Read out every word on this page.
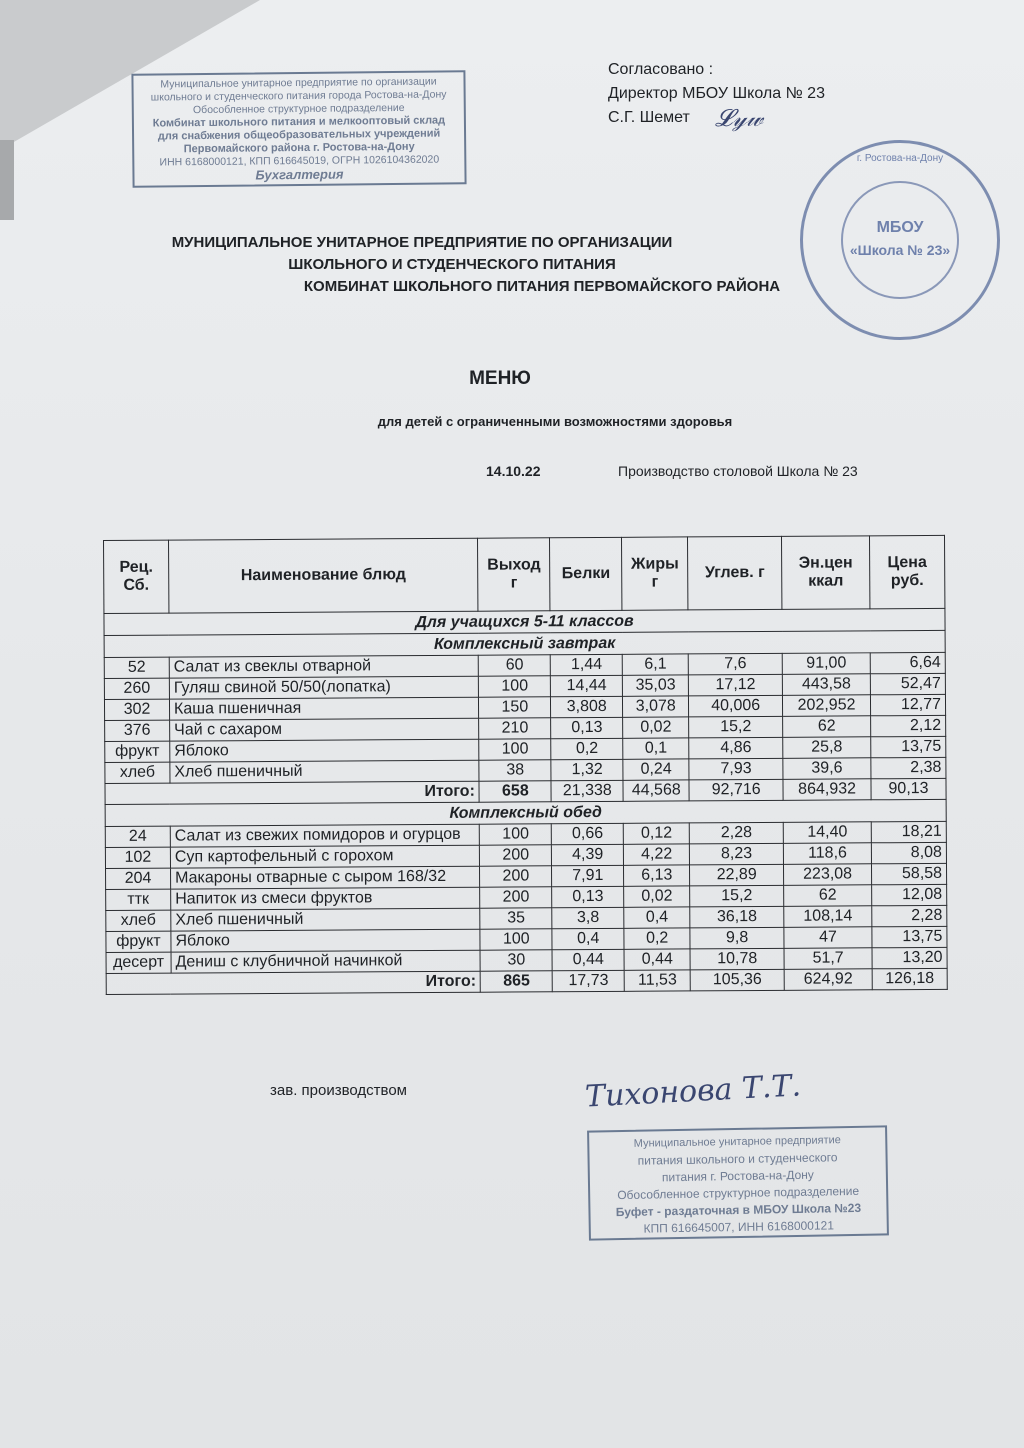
Муниципальное унитарное предприятие по организации
школьного и студенческого питания города Ростова-на-Дону
Обособленное структурное подразделение
Комбинат школьного питания и мелкооптовый склад
для снабжения общеобразовательных учреждений
Первомайского района г. Ростова-на-Дону
ИНН 6168000121, КПП 616645019, ОГРН 1026104362020
Бухгалтерия
г. Ростова-на-Дону
МБОУ
«Школа № 23»
Согласовано :
Директор МБОУ Школа № 23
С.Г. Шемет	𝓛𝓎𝓌
МУНИЦИПАЛЬНОЕ УНИТАРНОЕ ПРЕДПРИЯТИЕ ПО ОРГАНИЗАЦИИ
ШКОЛЬНОГО И СТУДЕНЧЕСКОГО ПИТАНИЯ
КОМБИНАТ ШКОЛЬНОГО ПИТАНИЯ ПЕРВОМАЙСКОГО РАЙОНА
МЕНЮ
для детей с ограниченными возможностями здоровья
14.10.22	Производство столовой Школа № 23
Рец. Сб.	Наименование блюд	Выход г	Белки	Жиры г	Углев. г	Эн.цен ккал	Цена руб.
Для учащихся 5-11 классов							
Комплексный завтрак							
52	Салат из свеклы отварной	60	1,44	6,1	7,6	91,00	6,64
260	Гуляш свиной 50/50(лопатка)	100	14,44	35,03	17,12	443,58	52,47
302	Каша пшеничная	150	3,808	3,078	40,006	202,952	12,77
376	Чай с сахаром	210	0,13	0,02	15,2	62	2,12
фрукт	Яблоко	100	0,2	0,1	4,86	25,8	13,75
хлеб	Хлеб пшеничный	38	1,32	0,24	7,93	39,6	2,38
Итого:		658	21,338	44,568	92,716	864,932	90,13
Комплексный обед							
24	Салат из свежих помидоров и огурцов	100	0,66	0,12	2,28	14,40	18,21
102	Суп картофельный с горохом	200	4,39	4,22	8,23	118,6	8,08
204	Макароны отварные с сыром 168/32	200	7,91	6,13	22,89	223,08	58,58
ттк	Напиток из смеси фруктов	200	0,13	0,02	15,2	62	12,08
хлеб	Хлеб пшеничный	35	3,8	0,4	36,18	108,14	2,28
фрукт	Яблоко	100	0,4	0,2	9,8	47	13,75
десерт	Дениш с клубничной начинкой	30	0,44	0,44	10,78	51,7	13,20
Итого:		865	17,73	11,53	105,36	624,92	126,18
зав. производством	Тихонова Т.Т.
Муниципальное унитарное предприятие
питания школьного и студенческого
питания г. Ростова-на-Дону
Обособленное структурное подразделение
Буфет - раздаточная в МБОУ Школа №23
КПП 616645007, ИНН 6168000121
